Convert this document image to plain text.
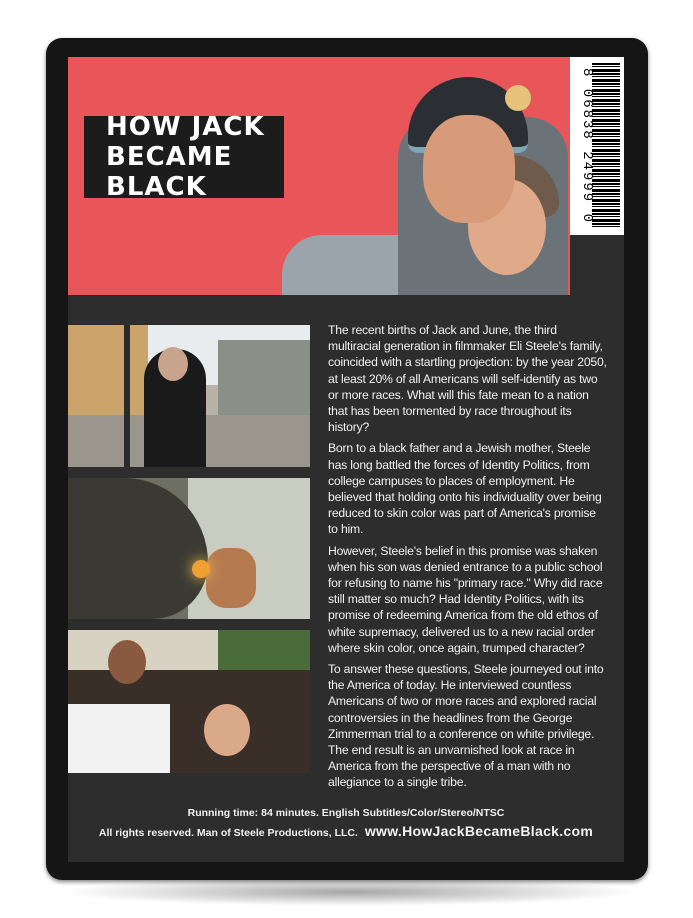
HOW JACK
BECAME BLACK	8 06838 24999 0

The recent births of Jack and June, the third multiracial generation in filmmaker Eli Steele's family, coincided with a startling projection: by the year 2050, at least 20% of all Americans will self-identify as two or more races. What will this fate mean to a nation that has been tormented by race throughout its history?

Born to a black father and a Jewish mother, Steele has long battled the forces of Identity Politics, from college campuses to places of employment. He believed that holding onto his individuality over being reduced to skin color was part of America's promise to him.

However, Steele's belief in this promise was shaken when his son was denied entrance to a public school for refusing to name his "primary race." Why did race still matter so much? Had Identity Politics, with its promise of redeeming America from the old ethos of white supremacy, delivered us to a new racial order where skin color, once again, trumped character?

To answer these questions, Steele journeyed out into the America of today. He interviewed countless Americans of two or more races and explored racial controversies in the headlines from the George Zimmerman trial to a conference on white privilege. The end result is an unvarnished look at race in America from the perspective of a man with no allegiance to a single tribe.

Running time: 84 minutes. English Subtitles/Color/Stereo/NTSC
All rights reserved. Man of Steele Productions, LLC. www.HowJackBecameBlack.com
